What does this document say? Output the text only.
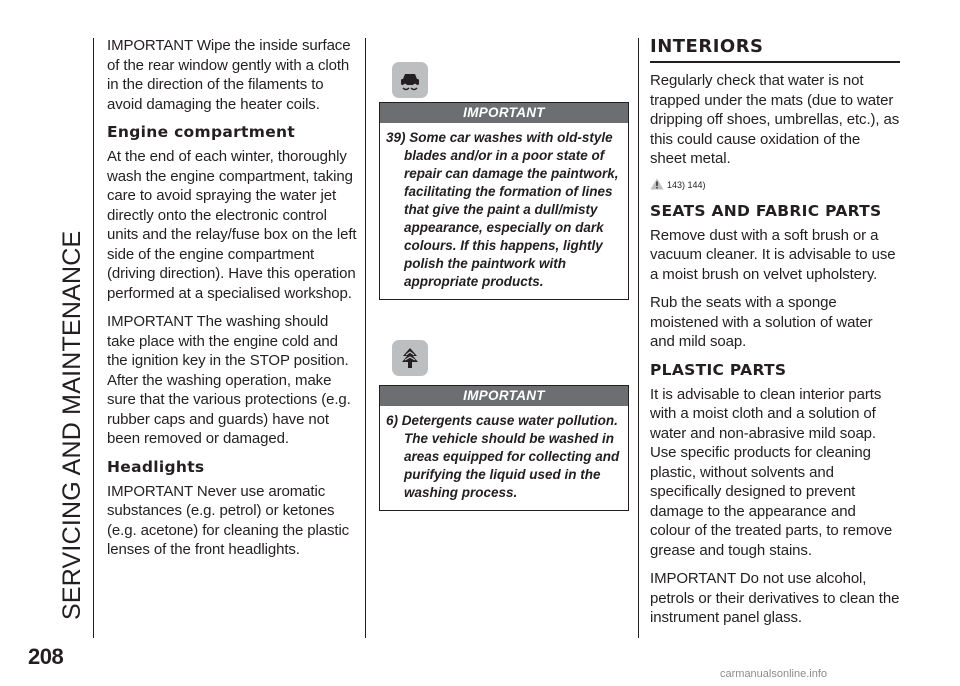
SERVICING AND MAINTENANCE
208

IMPORTANT Wipe the inside surface of the rear window gently with a cloth in the direction of the filaments to avoid damaging the heater coils.

Engine compartment

At the end of each winter, thoroughly wash the engine compartment, taking care to avoid spraying the water jet directly onto the electronic control units and the relay/fuse box on the left side of the engine compartment (driving direction). Have this operation performed at a specialised workshop.

IMPORTANT The washing should take place with the engine cold and the ignition key in the STOP position. After the washing operation, make sure that the various protections (e.g. rubber caps and guards) have not been removed or damaged.

Headlights

IMPORTANT Never use aromatic substances (e.g. petrol) or ketones (e.g. acetone) for cleaning the plastic lenses of the front headlights.

IMPORTANT
39) Some car washes with old-style blades and/or in a poor state of repair can damage the paintwork, facilitating the formation of lines that give the paint a dull/misty appearance, especially on dark colours. If this happens, lightly polish the paintwork with appropriate products.
IMPORTANT
6) Detergents cause water pollution. The vehicle should be washed in areas equipped for collecting and purifying the liquid used in the washing process.
INTERIORS

Regularly check that water is not trapped under the mats (due to water dripping off shoes, umbrellas, etc.), as this could cause oxidation of the sheet metal.

143) 144)
SEATS AND FABRIC PARTS

Remove dust with a soft brush or a vacuum cleaner. It is advisable to use a moist brush on velvet upholstery.

Rub the seats with a sponge moistened with a solution of water and mild soap.

PLASTIC PARTS

It is advisable to clean interior parts with a moist cloth and a solution of water and non-abrasive mild soap. Use specific products for cleaning plastic, without solvents and specifically designed to prevent damage to the appearance and colour of the treated parts, to remove grease and tough stains.

IMPORTANT Do not use alcohol, petrols or their derivatives to clean the instrument panel glass.

carmanualsonline.info
